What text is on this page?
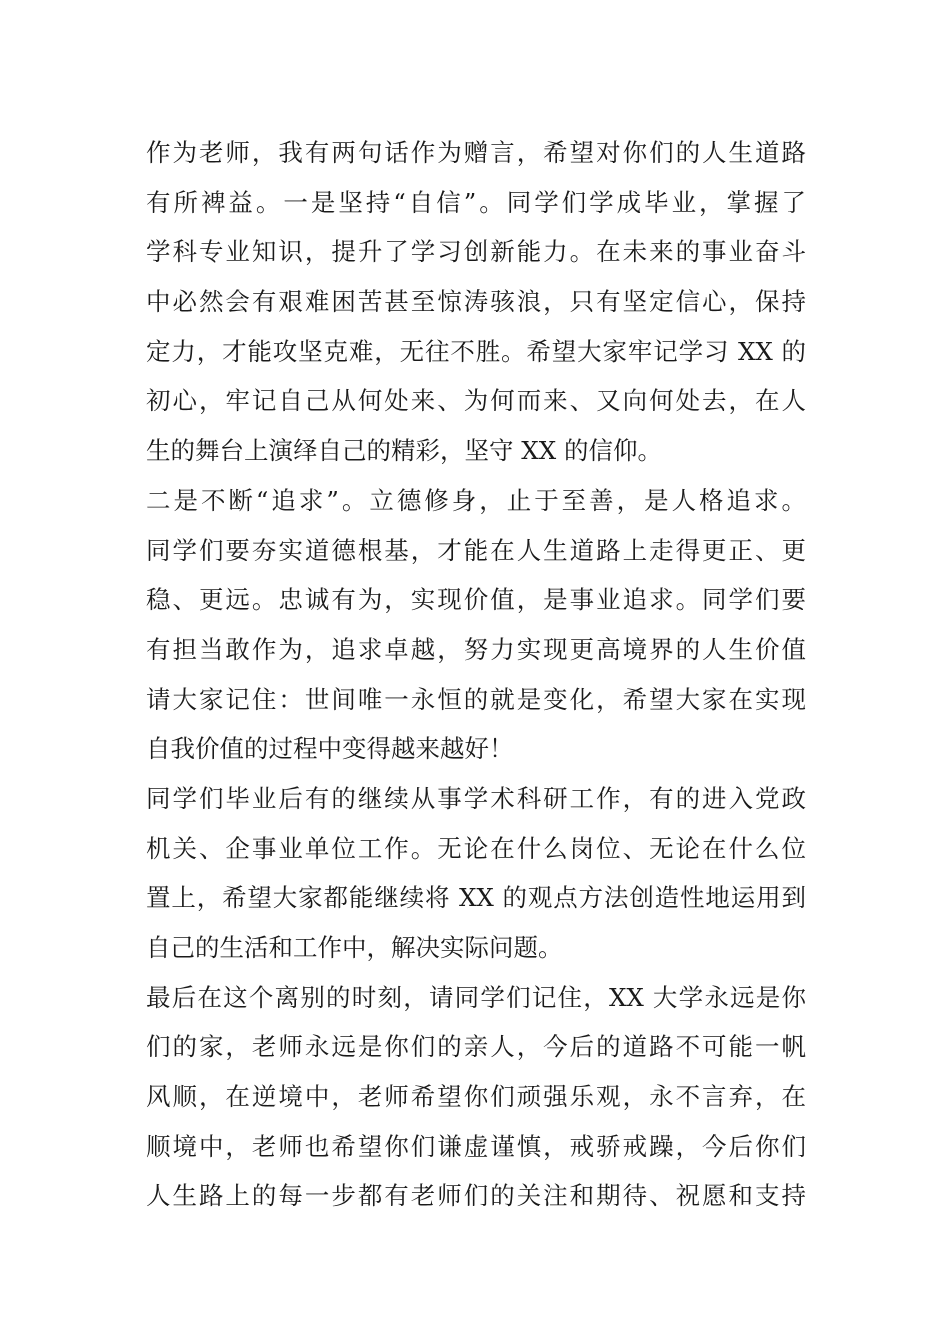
作为老师，我有两句话作为赠言，希望对你们的人生道路
有所裨益。一是坚持“自信”。同学们学成毕业，掌握了
学科专业知识，提升了学习创新能力。在未来的事业奋斗
中必然会有艰难困苦甚至惊涛骇浪，只有坚定信心，保持
定力，才能攻坚克难，无往不胜。希望大家牢记学习 XX 的
初心，牢记自己从何处来、为何而来、又向何处去，在人
生的舞台上演绎自己的精彩，坚守 XX 的信仰。
二是不断“追求”。立德修身，止于至善，是人格追求。
同学们要夯实道德根基，才能在人生道路上走得更正、更
稳、更远。忠诚有为，实现价值，是事业追求。同学们要
有担当敢作为，追求卓越，努力实现更高境界的人生价值
请大家记住：世间唯一永恒的就是变化，希望大家在实现
自我价值的过程中变得越来越好！
同学们毕业后有的继续从事学术科研工作，有的进入党政
机关、企事业单位工作。无论在什么岗位、无论在什么位
置上，希望大家都能继续将 XX 的观点方法创造性地运用到
自己的生活和工作中，解决实际问题。
最后在这个离别的时刻，请同学们记住，XX 大学永远是你
们的家，老师永远是你们的亲人，今后的道路不可能一帆
风顺，在逆境中，老师希望你们顽强乐观，永不言弃，在
顺境中，老师也希望你们谦虚谨慎，戒骄戒躁，今后你们
人生路上的每一步都有老师们的关注和期待、祝愿和支持
